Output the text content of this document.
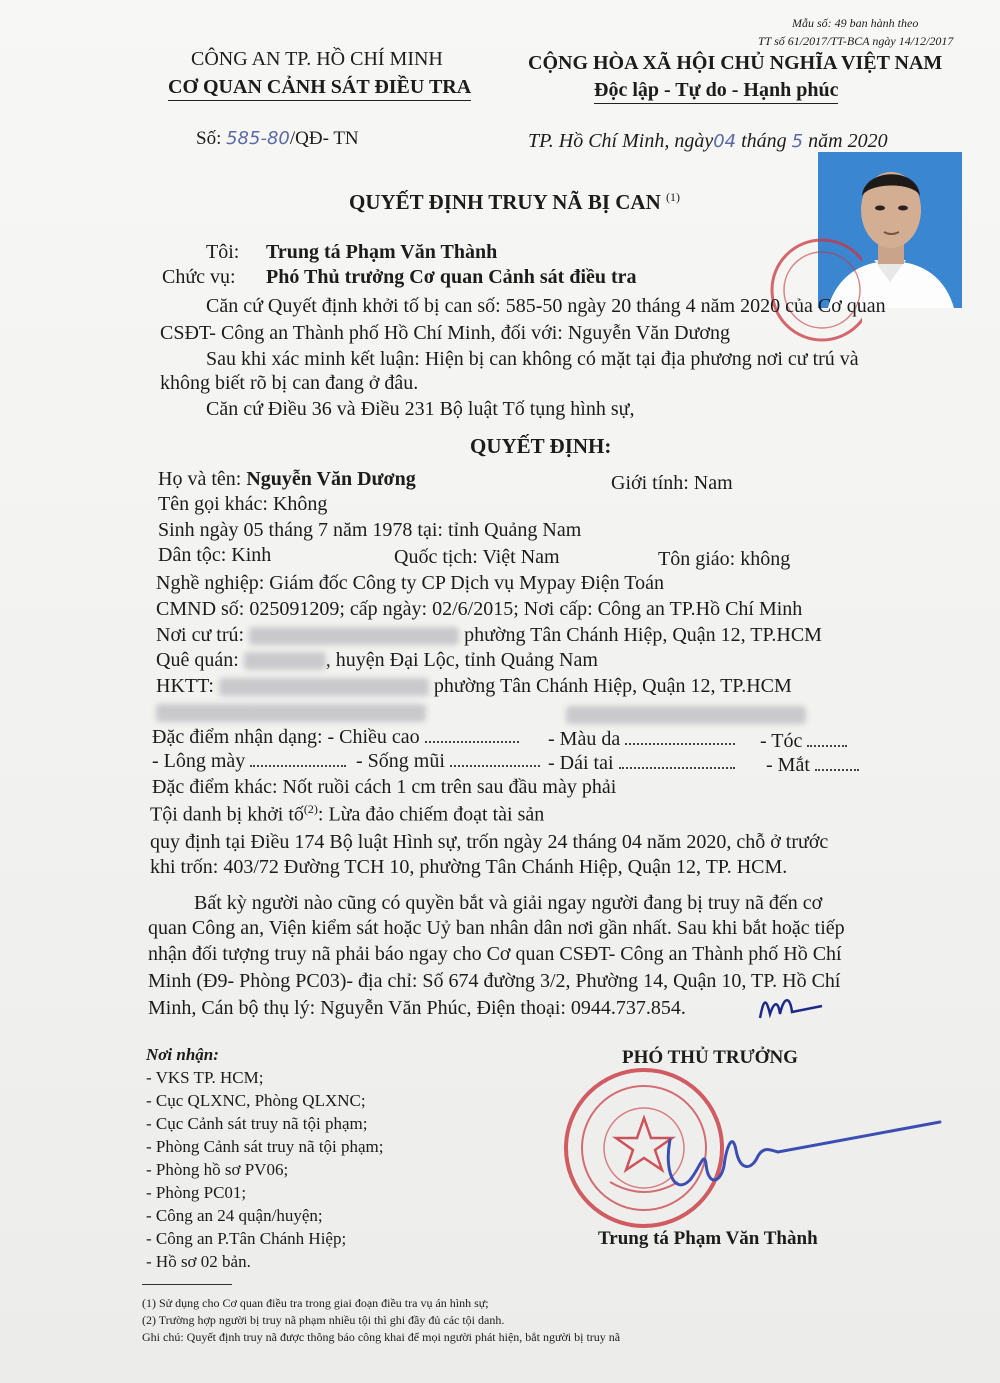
Mẫu số: 49 ban hành theo
TT số 61/2017/TT-BCA ngày 14/12/2017
CÔNG AN TP. HỒ CHÍ MINH
CƠ QUAN CẢNH SÁT ĐIỀU TRA
Số: 585-80/QĐ- TN
CỘNG HÒA XÃ HỘI CHỦ NGHĨA VIỆT NAM
Độc lập - Tự do - Hạnh phúc
TP. Hồ Chí Minh, ngày04 tháng 5 năm 2020
QUYẾT ĐỊNH TRUY NÃ BỊ CAN $^{(1)}$
Tôi: Trung tá Phạm Văn Thành
Chức vụ: Phó Thủ trưởng Cơ quan Cảnh sát điều tra
Căn cứ Quyết định khởi tố bị can số: 585-50 ngày 20 tháng 4 năm 2020 của Cơ quan
CSĐT- Công an Thành phố Hồ Chí Minh, đối với: Nguyễn Văn Dương
Sau khi xác minh kết luận: Hiện bị can không có mặt tại địa phương nơi cư trú và
không biết rõ bị can đang ở đâu.
Căn cứ Điều 36 và Điều 231 Bộ luật Tố tụng hình sự,
QUYẾT ĐỊNH:
Họ và tên: Nguyễn Văn Dương	Giới tính: Nam
Tên gọi khác: Không
Sinh ngày 05 tháng 7 năm 1978 tại: tỉnh Quảng Nam
Dân tộc: Kinh	Quốc tịch: Việt Nam	Tôn giáo: không
Nghề nghiệp: Giám đốc Công ty CP Dịch vụ Mypay Điện Toán
CMND số: 025091209; cấp ngày: 02/6/2015; Nơi cấp: Công an TP.Hồ Chí Minh
Nơi cư trú:	phường Tân Chánh Hiệp, Quận 12, TP.HCM
Quê quán:	, huyện Đại Lộc, tỉnh Quảng Nam
HKTT:	phường Tân Chánh Hiệp, Quận 12, TP.HCM
Đặc điểm nhận dạng: - Chiều cao	- Màu da	- Tóc
- Lông mày	- Sống mũi	- Dái tai	- Mắt
Đặc điểm khác: Nốt ruồi cách 1 cm trên sau đầu mày phải
Tội danh bị khởi tố$^{(2)}$: Lừa đảo chiếm đoạt tài sản
quy định tại Điều 174 Bộ luật Hình sự, trốn ngày 24 tháng 04 năm 2020, chỗ ở trước
khi trốn: 403/72 Đường TCH 10, phường Tân Chánh Hiệp, Quận 12, TP. HCM.
Bất kỳ người nào cũng có quyền bắt và giải ngay người đang bị truy nã đến cơ
quan Công an, Viện kiểm sát hoặc Uỷ ban nhân dân nơi gần nhất. Sau khi bắt hoặc tiếp
nhận đối tượng truy nã phải báo ngay cho Cơ quan CSĐT- Công an Thành phố Hồ Chí
Minh (Đ9- Phòng PC03)- địa chỉ: Số 674 đường 3/2, Phường 14, Quận 10, TP. Hồ Chí
Minh, Cán bộ thụ lý: Nguyễn Văn Phúc, Điện thoại: 0944.737.854.
Nơi nhận:
- VKS TP. HCM;
- Cục QLXNC, Phòng QLXNC;
- Cục Cảnh sát truy nã tội phạm;
- Phòng Cảnh sát truy nã tội phạm;
- Phòng hồ sơ PV06;
- Phòng PC01;
- Công an 24 quận/huyện;
- Công an P.Tân Chánh Hiệp;
- Hồ sơ 02 bản.
PHÓ THỦ TRƯỞNG
Trung tá Phạm Văn Thành
(1) Sử dụng cho Cơ quan điều tra trong giai đoạn điều tra vụ án hình sự;
(2) Trường hợp người bị truy nã phạm nhiều tội thì ghi đầy đủ các tội danh.
Ghi chú: Quyết định truy nã được thông báo công khai để mọi người phát hiện, bắt người bị truy nã
